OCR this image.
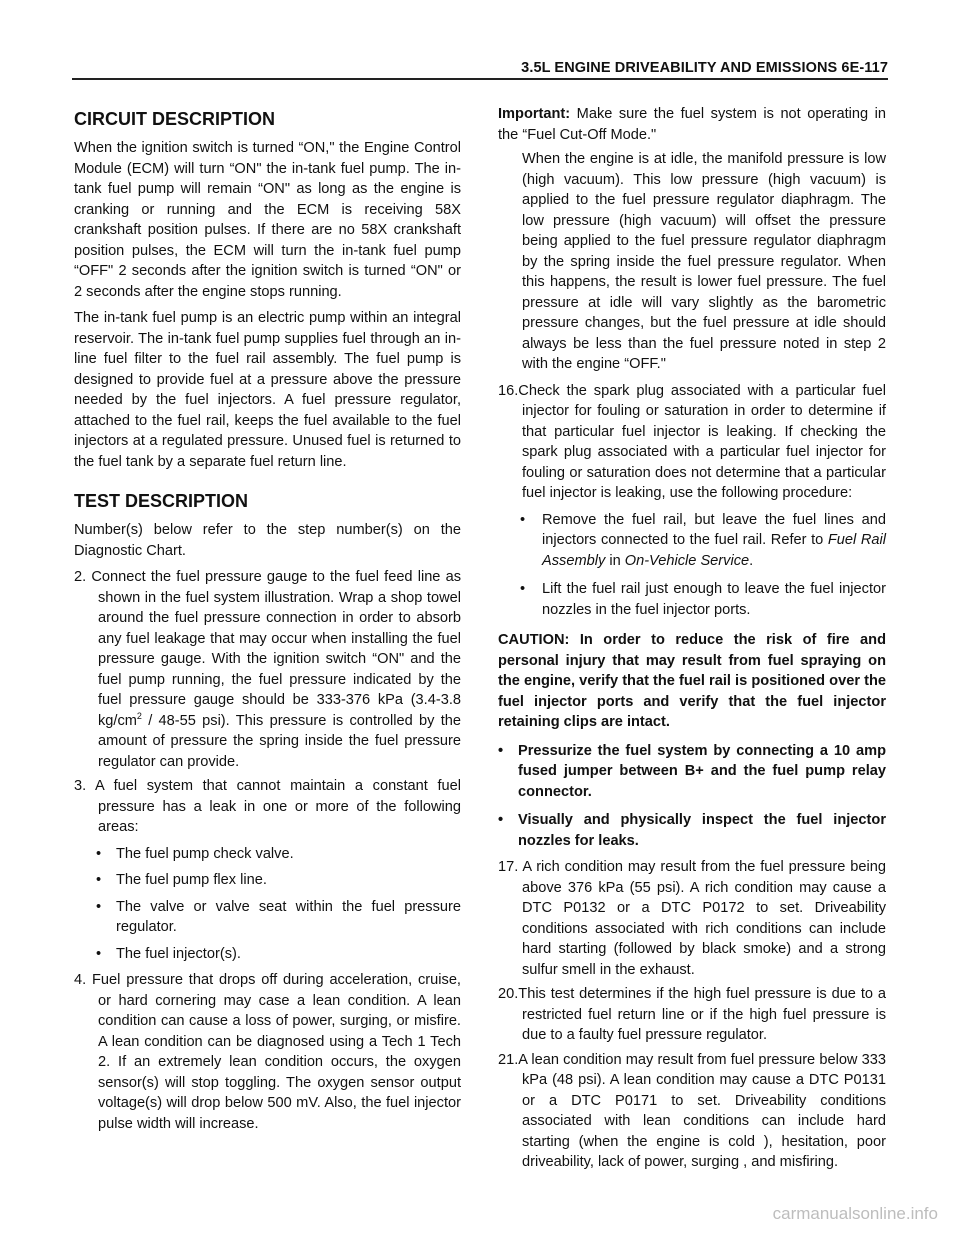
3.5L ENGINE DRIVEABILITY AND EMISSIONS 6E-117
CIRCUIT DESCRIPTION

When the ignition switch is turned “ON," the Engine Control Module (ECM) will turn “ON" the in-tank fuel pump. The in-tank fuel pump will remain “ON" as long as the engine is cranking or running and the ECM is receiving 58X crankshaft position pulses. If there are no 58X crankshaft position pulses, the ECM will turn the in-tank fuel pump “OFF" 2 seconds after the ignition switch is turned “ON" or 2 seconds after the engine stops running.

The in-tank fuel pump is an electric pump within an integral reservoir. The in-tank fuel pump supplies fuel through an in-line fuel filter to the fuel rail assembly. The fuel pump is designed to provide fuel at a pressure above the pressure needed by the fuel injectors. A fuel pressure regulator, attached to the fuel rail, keeps the fuel available to the fuel injectors at a regulated pressure. Unused fuel is returned to the fuel tank by a separate fuel return line.

TEST DESCRIPTION

Number(s) below refer to the step number(s) on the Diagnostic Chart.

2. Connect the fuel pressure gauge to the fuel feed line as shown in the fuel system illustration. Wrap a shop towel around the fuel pressure connection in order to absorb any fuel leakage that may occur when installing the fuel pressure gauge. With the ignition switch “ON" and the fuel pump running, the fuel pressure indicated by the fuel pressure gauge should be 333-376 kPa (3.4-3.8 $kg/cm^2 / 48-55$ psi). This pressure is controlled by the amount of pressure the spring inside the fuel pressure regulator can provide.

3. A fuel system that cannot maintain a constant fuel pressure has a leak in one or more of the following areas:

• The fuel pump check valve.
• The fuel pump flex line.
• The valve or valve seat within the fuel pressure regulator.
• The fuel injector(s).

4. Fuel pressure that drops off during acceleration, cruise, or hard cornering may case a lean condition. A lean condition can cause a loss of power, surging, or misfire. A lean condition can be diagnosed using a Tech 1 Tech 2. If an extremely lean condition occurs, the oxygen sensor(s) will stop toggling. The oxygen sensor output voltage(s) will drop below 500 mV. Also, the fuel injector pulse width will increase.

Important: Make sure the fuel system is not operating in the “Fuel Cut-Off Mode."

When the engine is at idle, the manifold pressure is low (high vacuum). This low pressure (high vacuum) is applied to the fuel pressure regulator diaphragm. The low pressure (high vacuum) will offset the pressure being applied to the fuel pressure regulator diaphragm by the spring inside the fuel pressure regulator. When this happens, the result is lower fuel pressure. The fuel pressure at idle will vary slightly as the barometric pressure changes, but the fuel pressure at idle should always be less than the fuel pressure noted in step 2 with the engine “OFF."

16.Check the spark plug associated with a particular fuel injector for fouling or saturation in order to determine if that particular fuel injector is leaking. If checking the spark plug associated with a particular fuel injector for fouling or saturation does not determine that a particular fuel injector is leaking, use the following procedure:

• Remove the fuel rail, but leave the fuel lines and injectors connected to the fuel rail. Refer to Fuel Rail Assembly in On-Vehicle Service.
• Lift the fuel rail just enough to leave the fuel injector nozzles in the fuel injector ports.

CAUTION: In order to reduce the risk of fire and personal injury that may result from fuel spraying on the engine, verify that the fuel rail is positioned over the fuel injector ports and verify that the fuel injector retaining clips are intact.

• Pressurize the fuel system by connecting a 10 amp fused jumper between B+ and the fuel pump relay connector.
• Visually and physically inspect the fuel injector nozzles for leaks.

17. A rich condition may result from the fuel pressure being above 376 kPa (55 psi). A rich condition may cause a DTC P0132 or a DTC P0172 to set. Driveability conditions associated with rich conditions can include hard starting (followed by black smoke) and a strong sulfur smell in the exhaust.

20.This test determines if the high fuel pressure is due to a restricted fuel return line or if the high fuel pressure is due to a faulty fuel pressure regulator.

21.A lean condition may result from fuel pressure below 333 kPa (48 psi). A lean condition may cause a DTC P0131 or a DTC P0171 to set. Driveability conditions associated with lean conditions can include hard starting (when the engine is cold ), hesitation, poor driveability, lack of power, surging , and misfiring.

carmanualsonline.info
